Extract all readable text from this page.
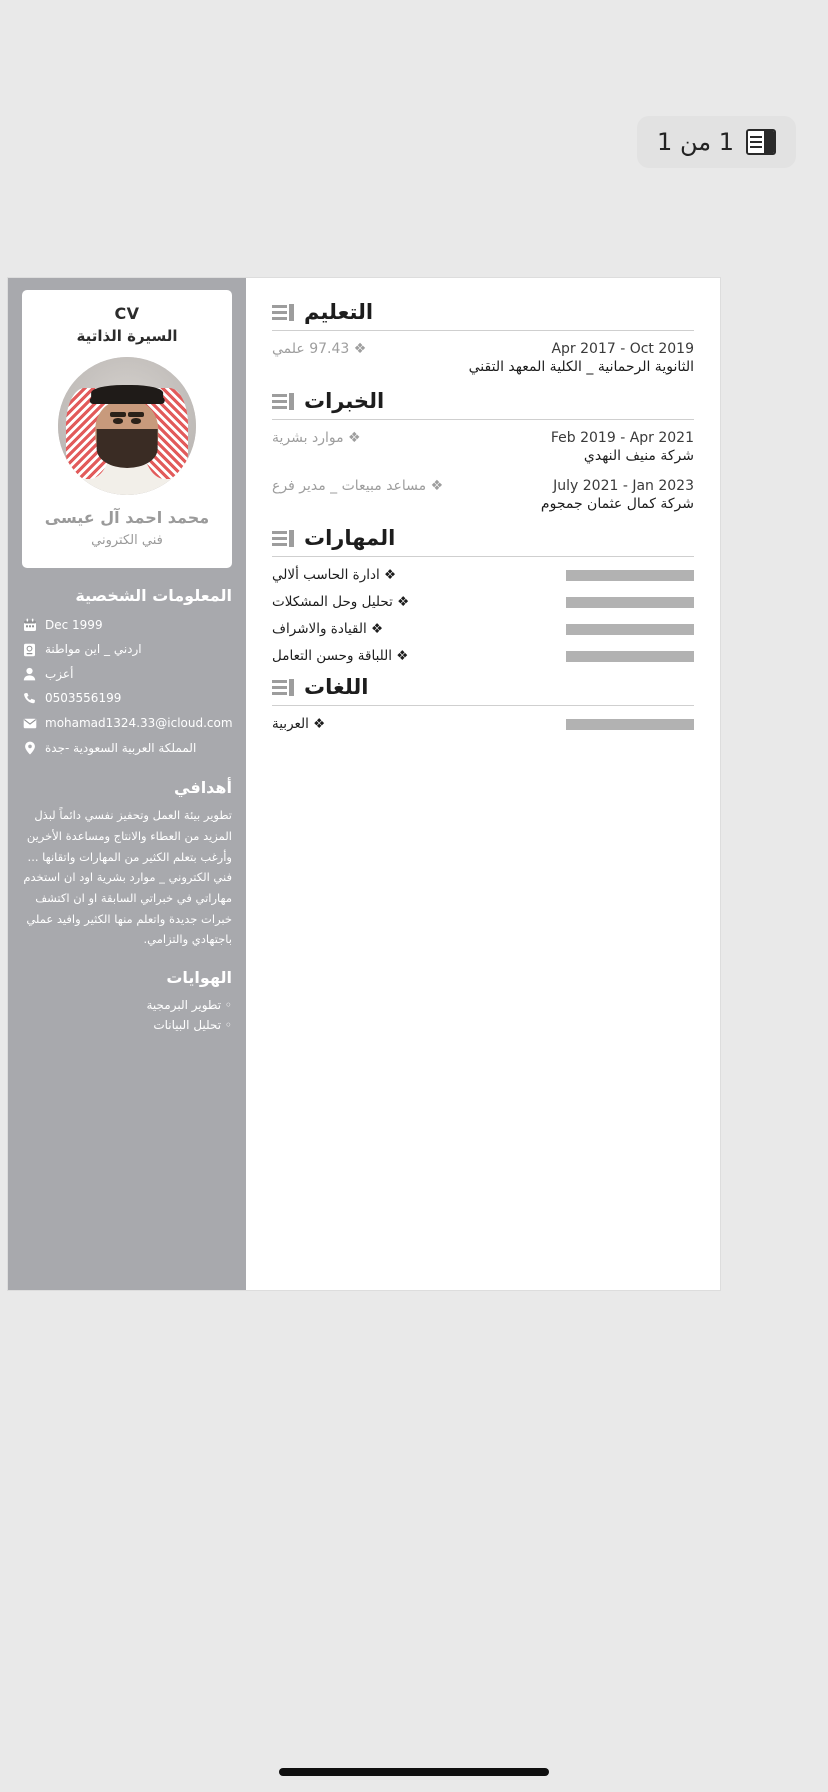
1 من 1
CV
السيرة الذاتية
محمد احمد آل عيسى
فني الكتروني
المعلومات الشخصية
Dec 1999
اردني _ اين مواطنة
أعزب
0503556199
mohamad1324.33@icloud.com
المملكة العربية السعودية -جدة
أهدافي
تطوير بيئة العمل وتحفيز نفسي دائماً لبذل المزيد من العطاء والانتاج ومساعدة الأخرين وأرغب بتعلم الكثير من المهارات واتقانها ... فني الكتروني _ موارد بشرية اود ان استخدم مهاراتي في خبراتي السابقة او ان اكتشف خبرات جديدة واتعلم منها الكثير وافيد عملي باجتهادي والتزامي.
الهوايات
◦ تطوير البرمجية
◦ تحليل البيانات
التعليم
Apr 2017 - Oct 2019
❖ 97.43 علمي
الثانوية الرحمانية _ الكلية المعهد التقني
الخبرات
Feb 2019 - Apr 2021
❖ موارد بشرية
شركة منيف النهدي
July 2021 - Jan 2023
❖ مساعد مبيعات _ مدير فرع
شركة كمال عثمان جمجوم
المهارات
❖ ادارة الحاسب ألالي
❖ تحليل وحل المشكلات
❖ القيادة والاشراف
❖ اللباقة وحسن التعامل
اللغات
❖ العربية
